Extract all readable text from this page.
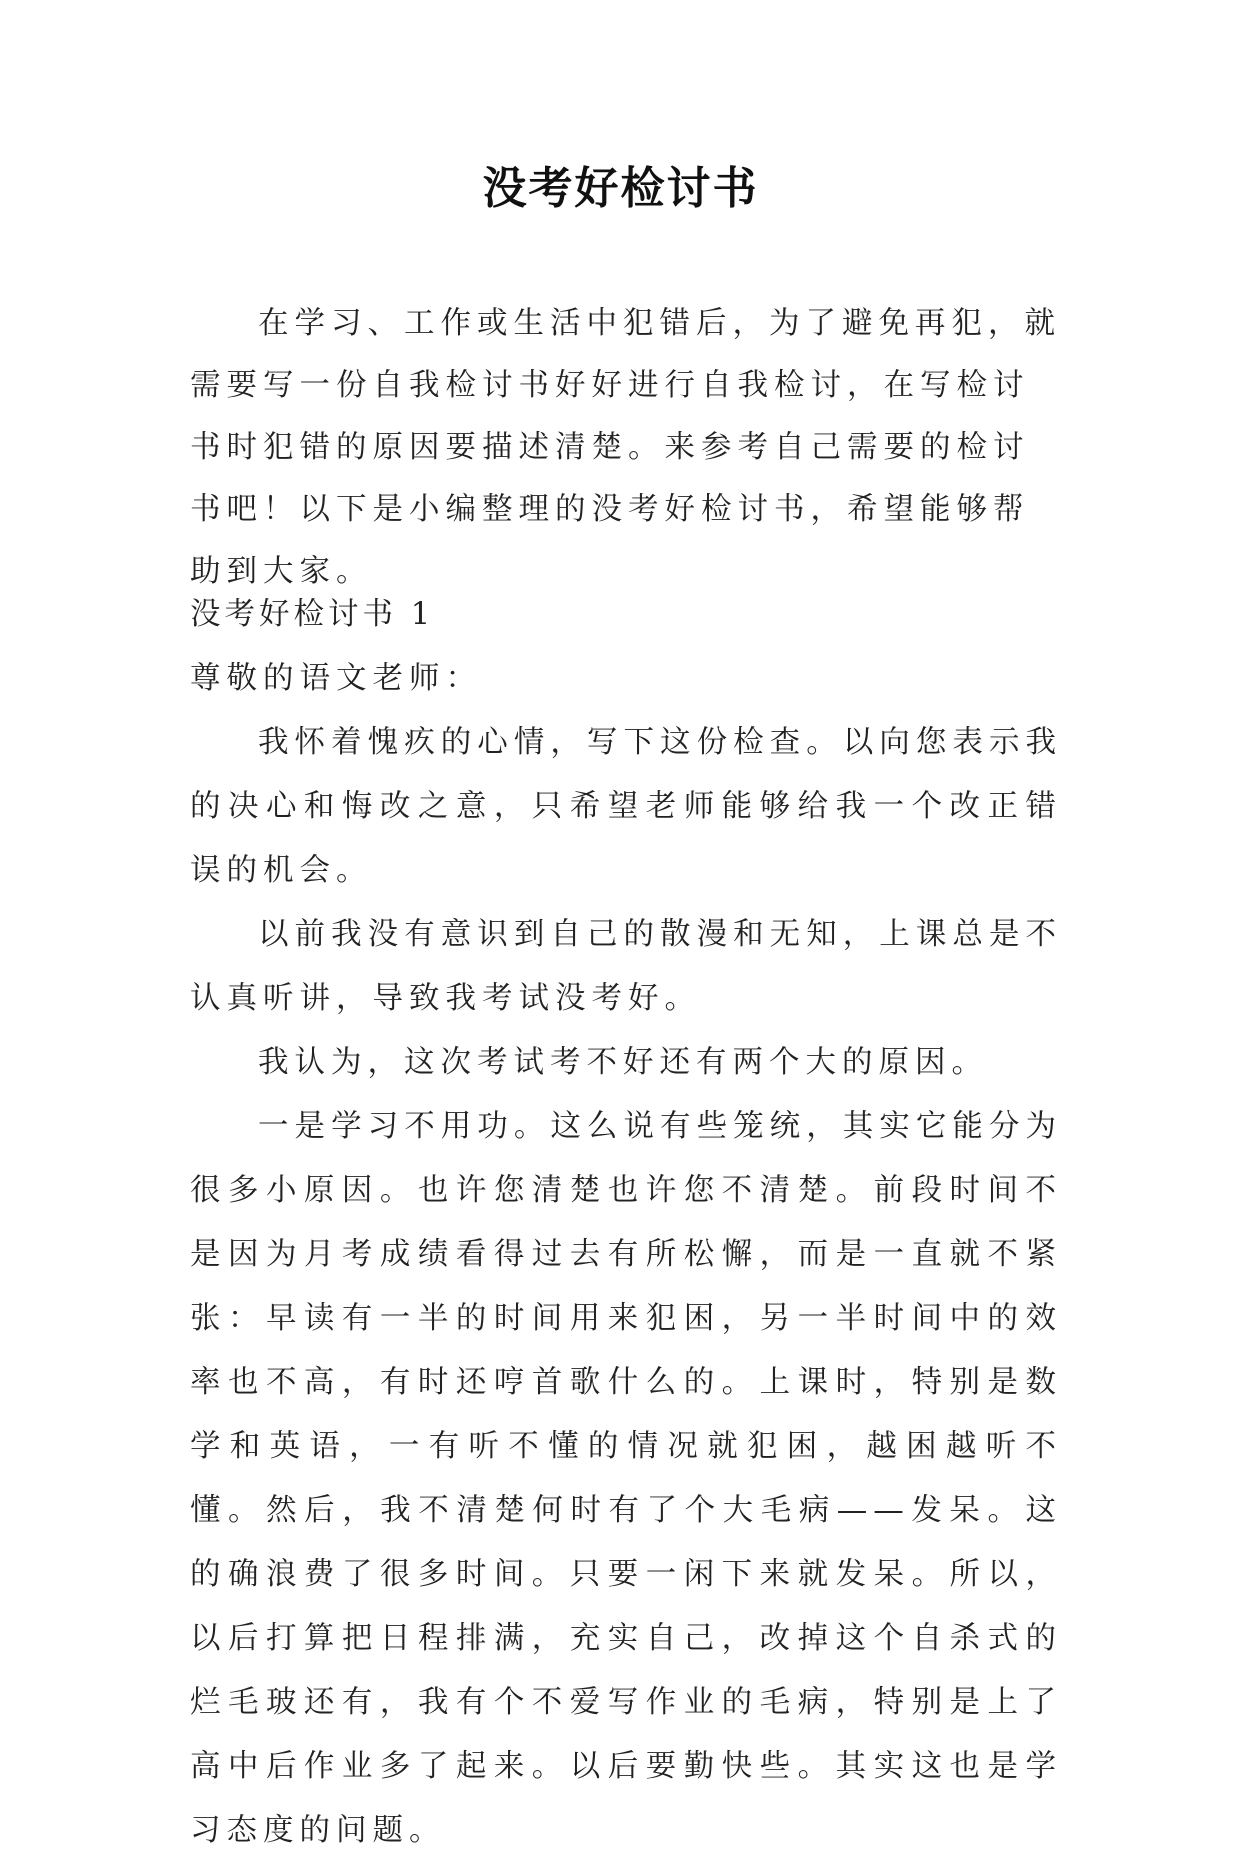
没考好检讨书
在学习、工作或生活中犯错后，为了避免再犯，就需要写一份自我检讨书好好进行自我检讨，在写检讨书时犯错的原因要描述清楚。来参考自己需要的检讨书吧！以下是小编整理的没考好检讨书，希望能够帮助到大家。
没考好检讨书 1
尊敬的语文老师：
我怀着愧疚的心情，写下这份检查。以向您表示我的决心和悔改之意，只希望老师能够给我一个改正错误的机会。
以前我没有意识到自己的散漫和无知，上课总是不认真听讲，导致我考试没考好。
我认为，这次考试考不好还有两个大的原因。
一是学习不用功。这么说有些笼统，其实它能分为很多小原因。也许您清楚也许您不清楚。前段时间不是因为月考成绩看得过去有所松懈，而是一直就不紧张：早读有一半的时间用来犯困，另一半时间中的效率也不高，有时还哼首歌什么的。上课时，特别是数学和英语，一有听不懂的情况就犯困，越困越听不懂。然后，我不清楚何时有了个大毛病——发呆。这的确浪费了很多时间。只要一闲下来就发呆。所以，以后打算把日程排满，充实自己，改掉这个自杀式的烂毛玻还有，我有个不爱写作业的毛病，特别是上了高中后作业多了起来。以后要勤快些。其实这也是学习态度的问题。
